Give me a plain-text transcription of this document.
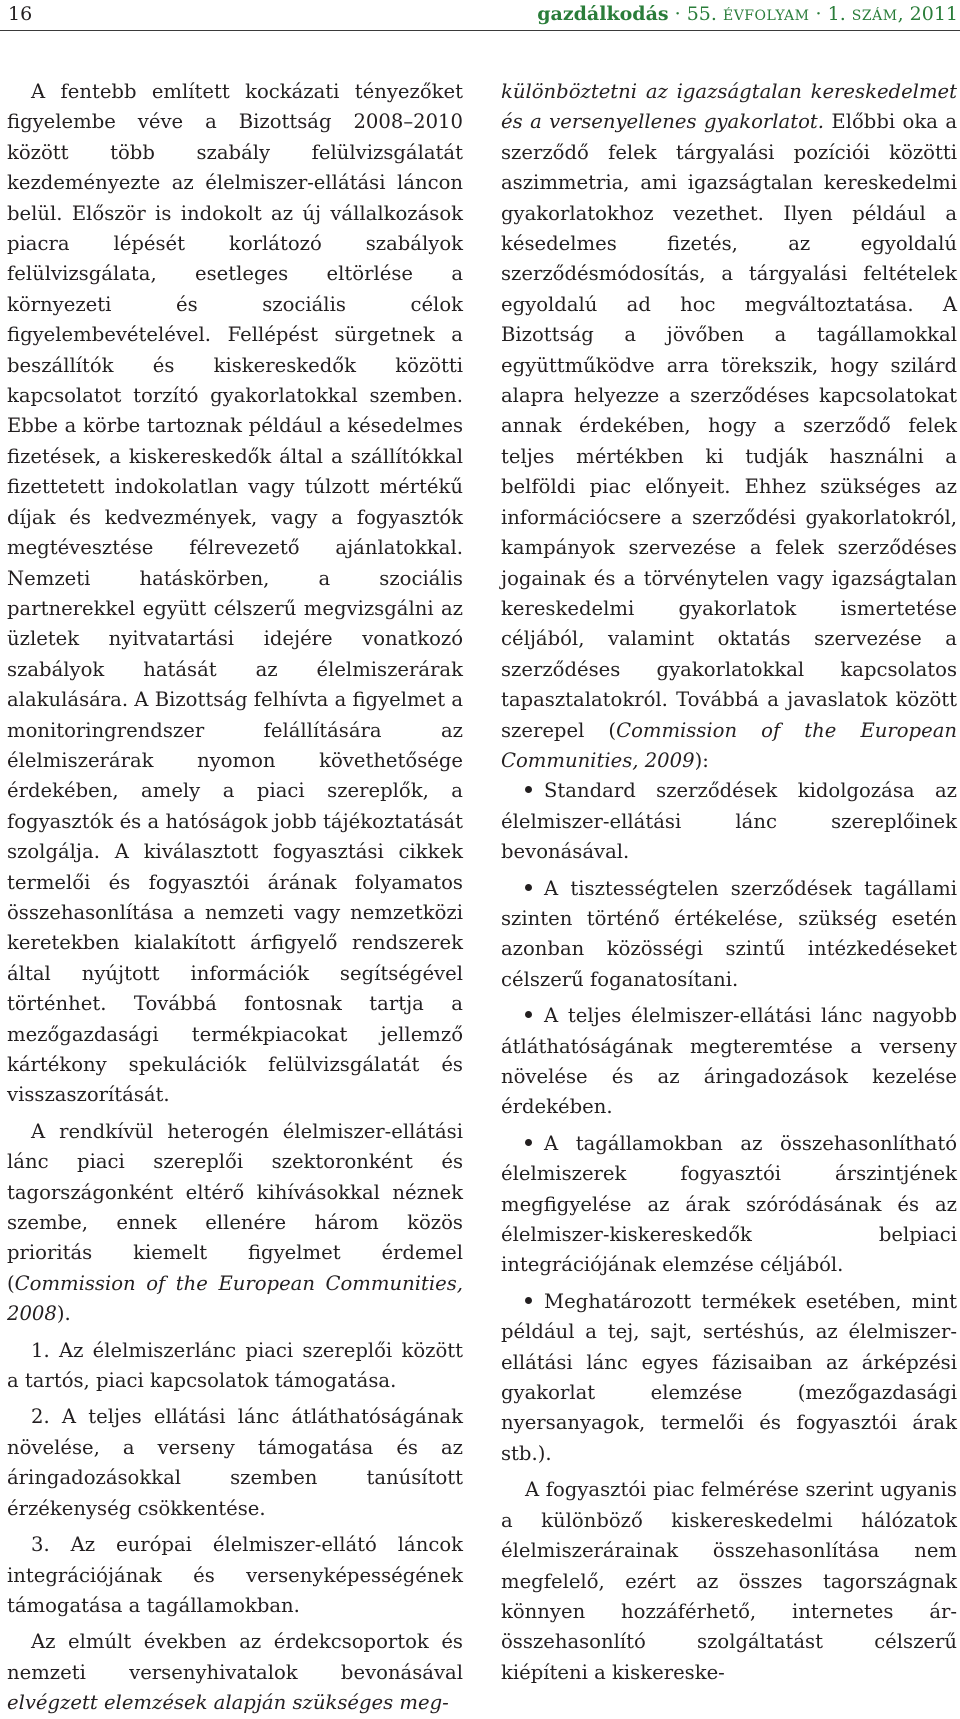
16	gazdálkodás · 55. ÉVFOLYAM · 1. SZÁM, 2011

A fentebb említett kockázati tényezőket figyelembe véve a Bizottság 2008–2010 között több szabály felülvizsgálatát kezdeményezte az élelmiszer-ellátási láncon belül. Először is indokolt az új vállalkozások piacra lépését korlátozó szabályok felülvizsgálata, esetleges eltörlése a környezeti és szociális célok figyelembevételével. Fellépést sürgetnek a beszállítók és kiskereskedők közötti kapcsolatot torzító gyakorlatokkal szemben. Ebbe a körbe tartoznak például a késedelmes fizetések, a kiskereskedők által a szállítókkal fizettetett indokolatlan vagy túlzott mértékű díjak és kedvezmények, vagy a fogyasztók megtévesztése félrevezető ajánlatokkal. Nemzeti hatáskörben, a szociális partnerekkel együtt célszerű megvizsgálni az üzletek nyitvatartási idejére vonatkozó szabályok hatását az élelmiszerárak alakulására. A Bizottság felhívta a figyelmet a monitoringrendszer felállítására az élelmiszerárak nyomon követhetősége érdekében, amely a piaci szereplők, a fogyasztók és a hatóságok jobb tájékoztatását szolgálja. A kiválasztott fogyasztási cikkek termelői és fogyasztói árának folyamatos összehasonlítása a nemzeti vagy nemzetközi keretekben kialakított árfigyelő rendszerek által nyújtott információk segítségével történhet. Továbbá fontosnak tartja a mezőgazdasági termékpiacokat jellemző kártékony spekulációk felülvizsgálatát és visszaszorítását.

A rendkívül heterogén élelmiszer-ellátási lánc piaci szereplői szektoronként és tagországonként eltérő kihívásokkal néznek szembe, ennek ellenére három közös prioritás kiemelt figyelmet érdemel (Commission of the European Communities, 2008).

1. Az élelmiszerlánc piaci szereplői között a tartós, piaci kapcsolatok támogatása.

2. A teljes ellátási lánc átláthatóságának növelése, a verseny támogatása és az áringadozásokkal szemben tanúsított érzékenység csökkentése.

3. Az európai élelmiszer-ellátó láncok integrációjának és versenyképességének támogatása a tagállamokban.

Az elmúlt években az érdekcsoportok és nemzeti versenyhivatalok bevonásával elvégzett elemzések alapján szükséges meg-

különböztetni az igazságtalan kereskedelmet és a versenyellenes gyakorlatot. Előbbi oka a szerződő felek tárgyalási pozíciói közötti aszimmetria, ami igazságtalan kereskedelmi gyakorlatokhoz vezethet. Ilyen például a késedelmes fizetés, az egyoldalú szerződésmódosítás, a tárgyalási feltételek egyoldalú ad hoc megváltoztatása. A Bizottság a jövőben a tagállamokkal együttműködve arra törekszik, hogy szilárd alapra helyezze a szerződéses kapcsolatokat annak érdekében, hogy a szerződő felek teljes mértékben ki tudják használni a belföldi piac előnyeit. Ehhez szükséges az információcsere a szerződési gyakorlatokról, kampányok szervezése a felek szerződéses jogainak és a törvénytelen vagy igazságtalan kereskedelmi gyakorlatok ismertetése céljából, valamint oktatás szervezése a szerződéses gyakorlatokkal kapcsolatos tapasztalatokról. Továbbá a javaslatok között szerepel (Commission of the European Communities, 2009):

Standard szerződések kidolgozása az élelmiszer-ellátási lánc szereplőinek bevonásával.
A tisztességtelen szerződések tagállami szinten történő értékelése, szükség esetén azonban közösségi szintű intézkedéseket célszerű foganatosítani.
A teljes élelmiszer-ellátási lánc nagyobb átláthatóságának megteremtése a verseny növelése és az áringadozások kezelése érdekében.
A tagállamokban az összehasonlítható élelmiszerek fogyasztói árszintjének megfigyelése az árak szóródásának és az élelmiszer-kiskereskedők belpiaci integrációjának elemzése céljából.
Meghatározott termékek esetében, mint például a tej, sajt, sertéshús, az élelmiszer-ellátási lánc egyes fázisaiban az árképzési gyakorlat elemzése (mezőgazdasági nyersanyagok, termelői és fogyasztói árak stb.).

A fogyasztói piac felmérése szerint ugyanis a különböző kiskereskedelmi hálózatok élelmiszerárainak összehasonlítása nem megfelelő, ezért az összes tagországnak könnyen hozzáférhető, internetes ár-összehasonlító szolgáltatást célszerű kiépíteni a kiskereske-
